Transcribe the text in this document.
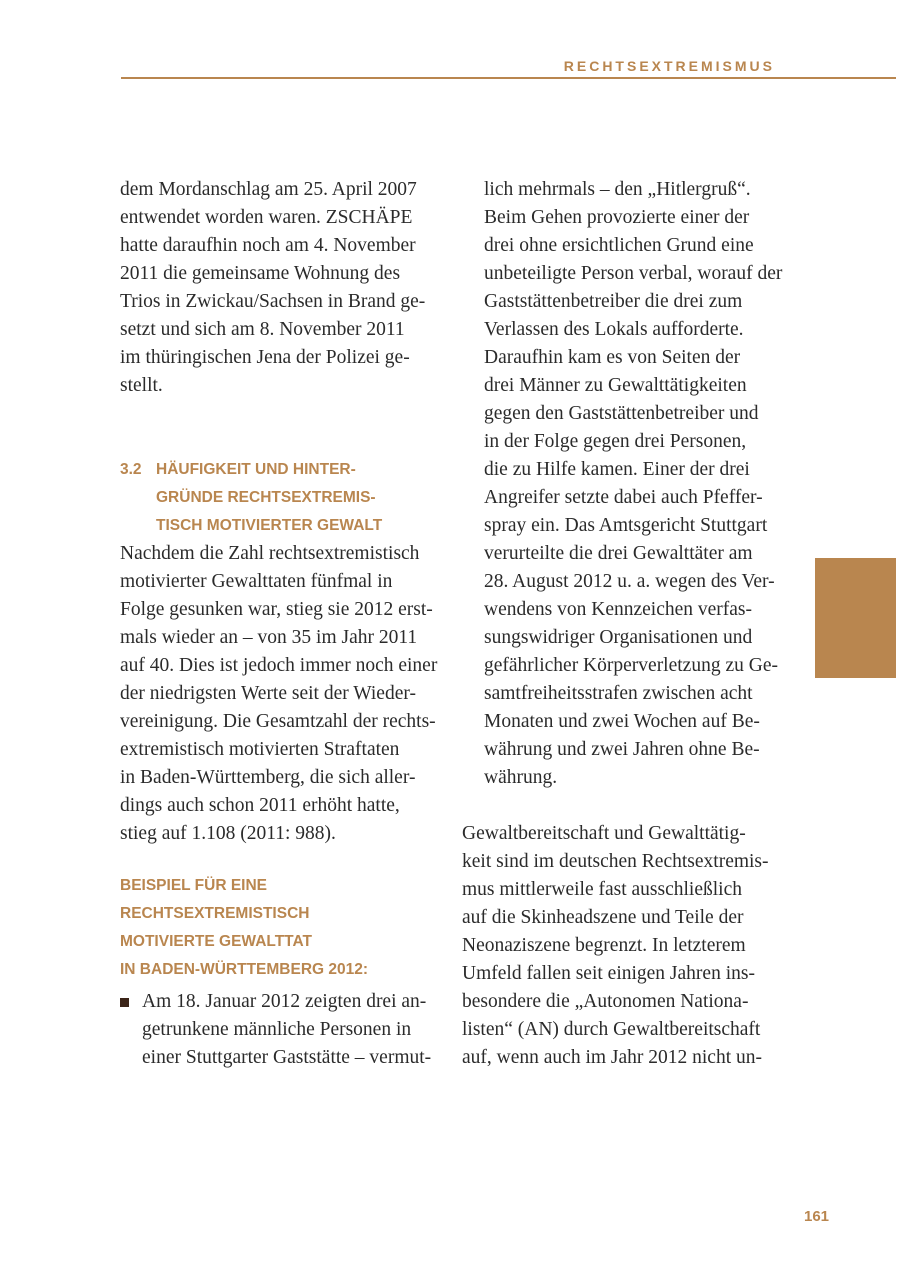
RECHTSEXTREMISMUS
dem Mordanschlag am 25. April 2007
entwendet worden waren. ZSCHÄPE
hatte daraufhin noch am 4. November
2011 die gemeinsame Wohnung des
Trios in Zwickau/Sachsen in Brand ge-
setzt und sich am 8. November 2011
im thüringischen Jena der Polizei ge-
stellt.
3.2 HÄUFIGKEIT UND HINTER-
GRÜNDE RECHTSEXTREMIS-
TISCH MOTIVIERTER GEWALT
Nachdem die Zahl rechtsextremistisch
motivierter Gewalttaten fünfmal in
Folge gesunken war, stieg sie 2012 erst-
mals wieder an – von 35 im Jahr 2011
auf 40. Dies ist jedoch immer noch einer
der niedrigsten Werte seit der Wieder-
vereinigung. Die Gesamtzahl der rechts-
extremistisch motivierten Straftaten
in Baden-Württemberg, die sich aller-
dings auch schon 2011 erhöht hatte,
stieg auf 1.108 (2011: 988).
BEISPIEL FÜR EINE
RECHTSEXTREMISTISCH
MOTIVIERTE GEWALTTAT
IN BADEN-WÜRTTEMBERG 2012:
Am 18. Januar 2012 zeigten drei an-
getrunkene männliche Personen in
einer Stuttgarter Gaststätte – vermut-
lich mehrmals – den „Hitlergruß“.
Beim Gehen provozierte einer der
drei ohne ersichtlichen Grund eine
unbeteiligte Person verbal, worauf der
Gaststättenbetreiber die drei zum
Verlassen des Lokals aufforderte.
Daraufhin kam es von Seiten der
drei Männer zu Gewalttätigkeiten
gegen den Gaststättenbetreiber und
in der Folge gegen drei Personen,
die zu Hilfe kamen. Einer der drei
Angreifer setzte dabei auch Pfeffer-
spray ein. Das Amtsgericht Stuttgart
verurteilte die drei Gewalttäter am
28. August 2012 u. a. wegen des Ver-
wendens von Kennzeichen verfas-
sungswidriger Organisationen und
gefährlicher Körperverletzung zu Ge-
samtfreiheitsstrafen zwischen acht
Monaten und zwei Wochen auf Be-
währung und zwei Jahren ohne Be-
währung.
Gewaltbereitschaft und Gewalttätig-
keit sind im deutschen Rechtsextremis-
mus mittlerweile fast ausschließlich
auf die Skinheadszene und Teile der
Neonaziszene begrenzt. In letzterem
Umfeld fallen seit einigen Jahren ins-
besondere die „Autonomen Nationa-
listen“ (AN) durch Gewaltbereitschaft
auf, wenn auch im Jahr 2012 nicht un-
161
